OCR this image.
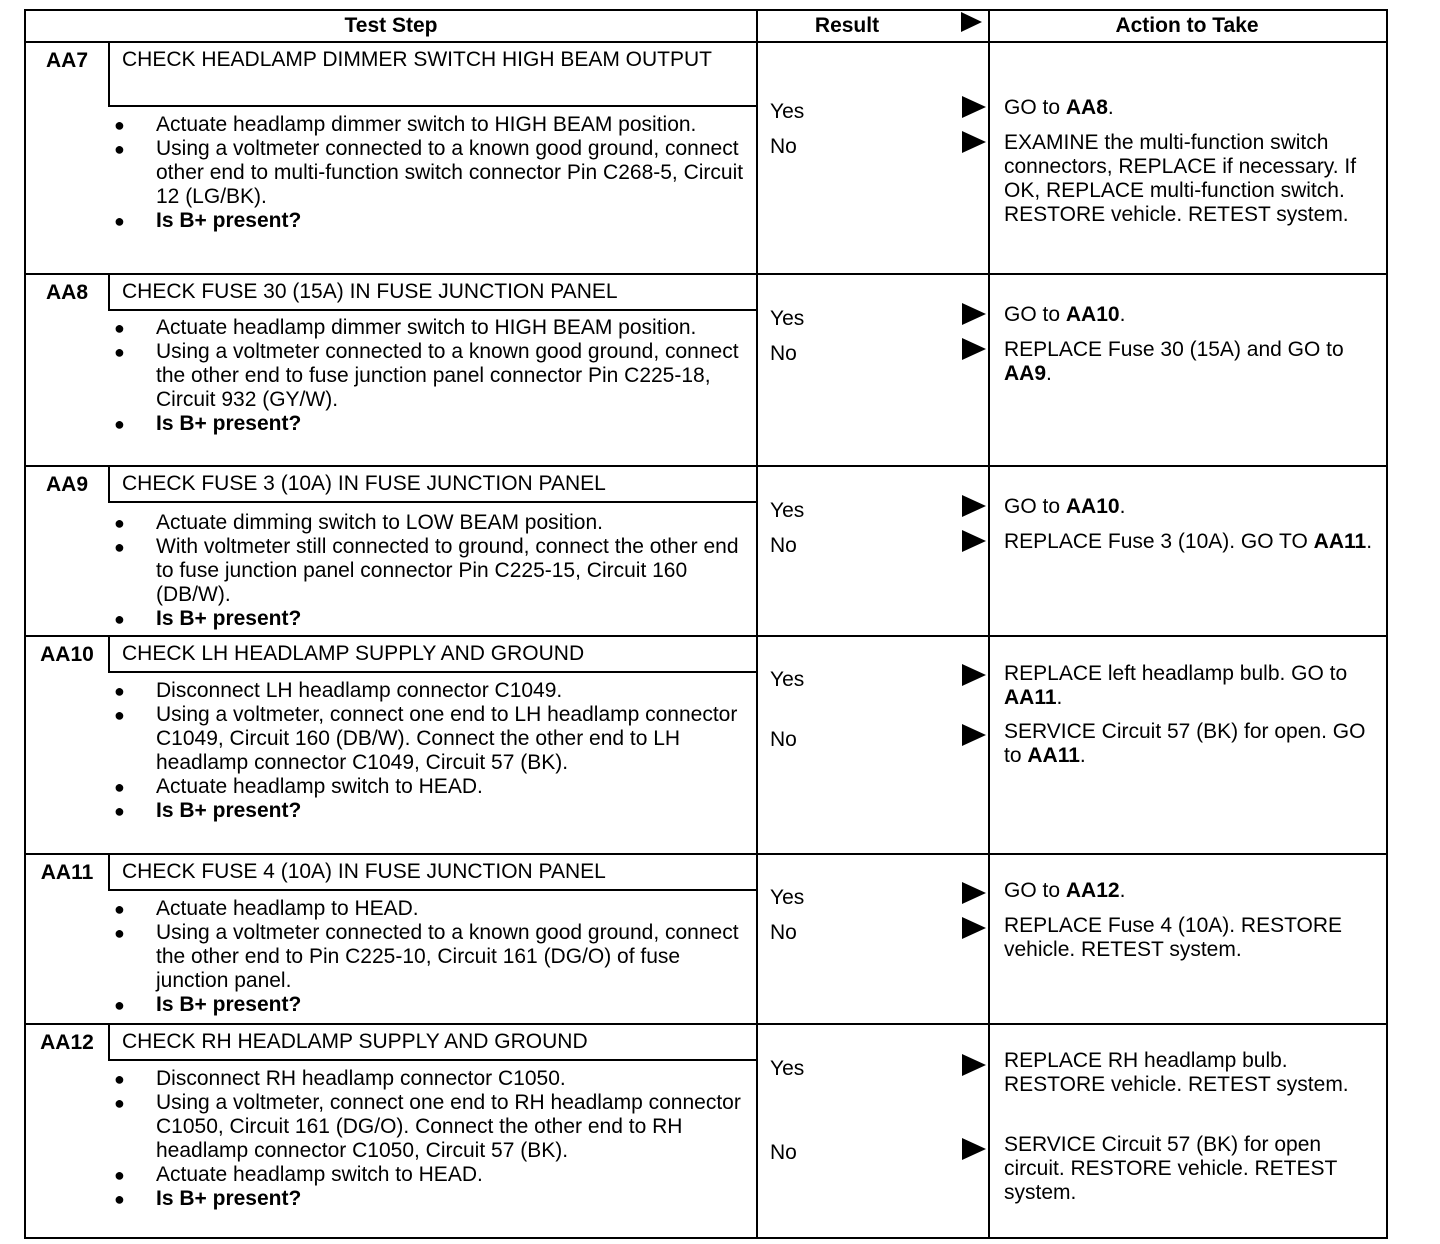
Test Step	Result	Action to Take
AA7	CHECK HEADLAMP DIMMER SWITCH HIGH BEAM OUTPUT
● Actuate headlamp dimmer switch to HIGH BEAM position.
● Using a voltmeter connected to a known good ground, connect other end to multi-function switch connector Pin C268-5, Circuit 12 (LG/BK).
● Is B+ present?
Yes	GO to AA8.
No	EXAMINE the multi-function switch connectors, REPLACE if necessary. If OK, REPLACE multi-function switch. RESTORE vehicle. RETEST system.
AA8	CHECK FUSE 30 (15A) IN FUSE JUNCTION PANEL
● Actuate headlamp dimmer switch to HIGH BEAM position.
● Using a voltmeter connected to a known good ground, connect the other end to fuse junction panel connector Pin C225-18, Circuit 932 (GY/W).
● Is B+ present?
Yes	GO to AA10.
No	REPLACE Fuse 30 (15A) and GO to AA9.
AA9	CHECK FUSE 3 (10A) IN FUSE JUNCTION PANEL
● Actuate dimming switch to LOW BEAM position.
● With voltmeter still connected to ground, connect the other end to fuse junction panel connector Pin C225-15, Circuit 160 (DB/W).
● Is B+ present?
Yes	GO to AA10.
No	REPLACE Fuse 3 (10A). GO TO AA11.
AA10	CHECK LH HEADLAMP SUPPLY AND GROUND
● Disconnect LH headlamp connector C1049.
● Using a voltmeter, connect one end to LH headlamp connector C1049, Circuit 160 (DB/W). Connect the other end to LH headlamp connector C1049, Circuit 57 (BK).
● Actuate headlamp switch to HEAD.
● Is B+ present?
Yes	REPLACE left headlamp bulb. GO to AA11.
No	SERVICE Circuit 57 (BK) for open. GO to AA11.
AA11	CHECK FUSE 4 (10A) IN FUSE JUNCTION PANEL
● Actuate headlamp to HEAD.
● Using a voltmeter connected to a known good ground, connect the other end to Pin C225-10, Circuit 161 (DG/O) of fuse junction panel.
● Is B+ present?
Yes	GO to AA12.
No	REPLACE Fuse 4 (10A). RESTORE vehicle. RETEST system.
AA12	CHECK RH HEADLAMP SUPPLY AND GROUND
● Disconnect RH headlamp connector C1050.
● Using a voltmeter, connect one end to RH headlamp connector C1050, Circuit 161 (DG/O). Connect the other end to RH headlamp connector C1050, Circuit 57 (BK).
● Actuate headlamp switch to HEAD.
● Is B+ present?
Yes	REPLACE RH headlamp bulb. RESTORE vehicle. RETEST system.
No	SERVICE Circuit 57 (BK) for open circuit. RESTORE vehicle. RETEST system.
